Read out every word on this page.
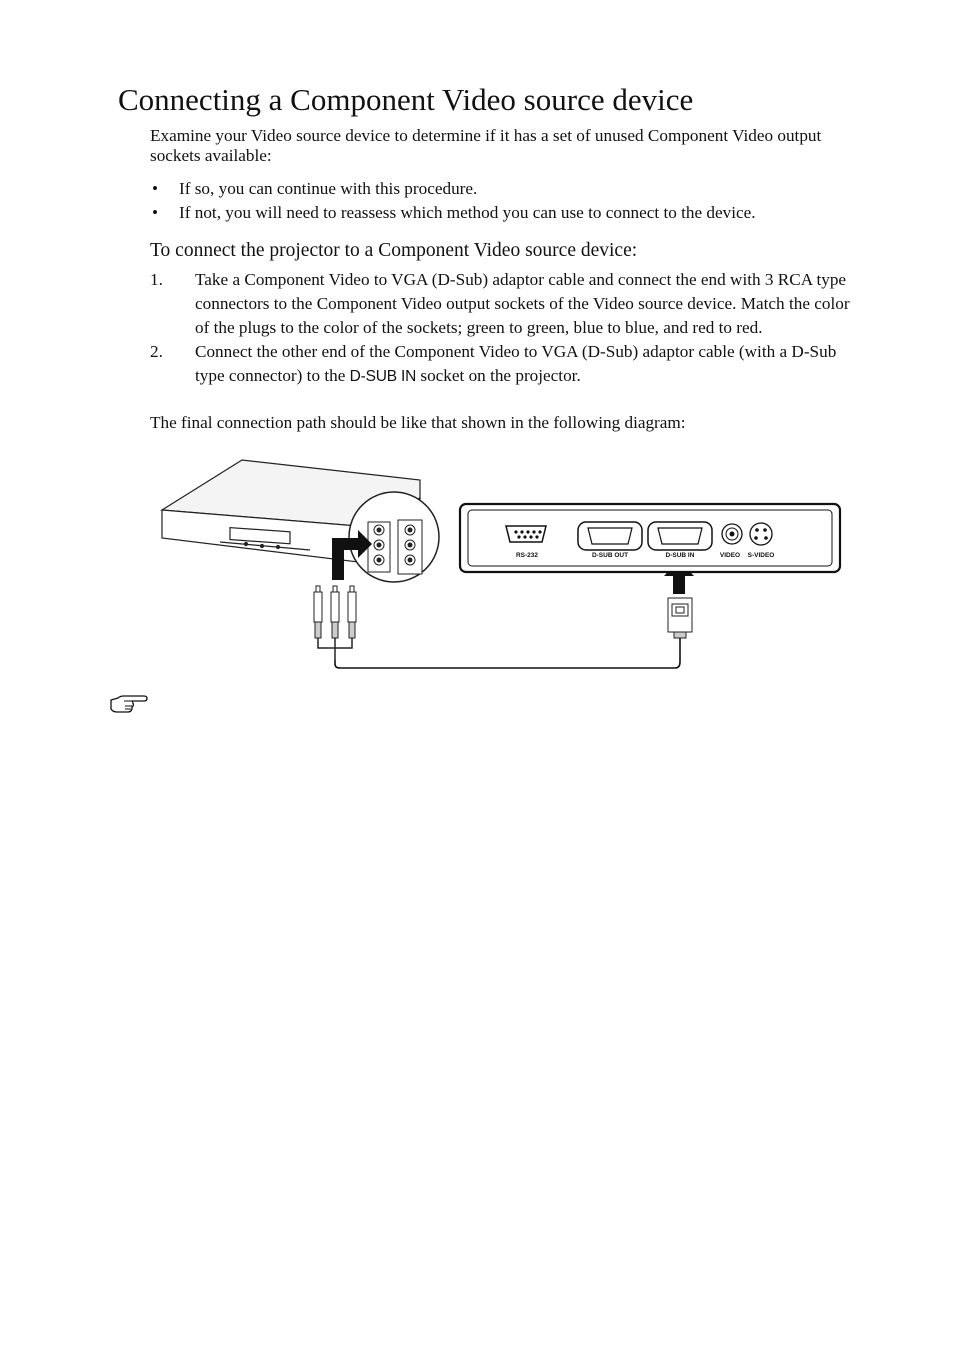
Connecting a Component Video source device

Examine your Video source device to determine if it has a set of unused Component Video output sockets available:

• If so, you can continue with this procedure.
• If not, you will need to reassess which method you can use to connect to the device.
To connect the projector to a Component Video source device:
1. Take a Component Video to VGA (D-Sub) adaptor cable and connect the end with 3 RCA type connectors to the Component Video output sockets of the Video source device. Match the color of the plugs to the color of the sockets; green to green, blue to blue, and red to red.
2. Connect the other end of the Component Video to VGA (D-Sub) adaptor cable (with a D-Sub type connector) to the D-SUB IN socket on the projector.

The final connection path should be like that shown in the following diagram:

RS-232	D-SUB OUT	D-SUB IN	VIDEO S-VIDEO
